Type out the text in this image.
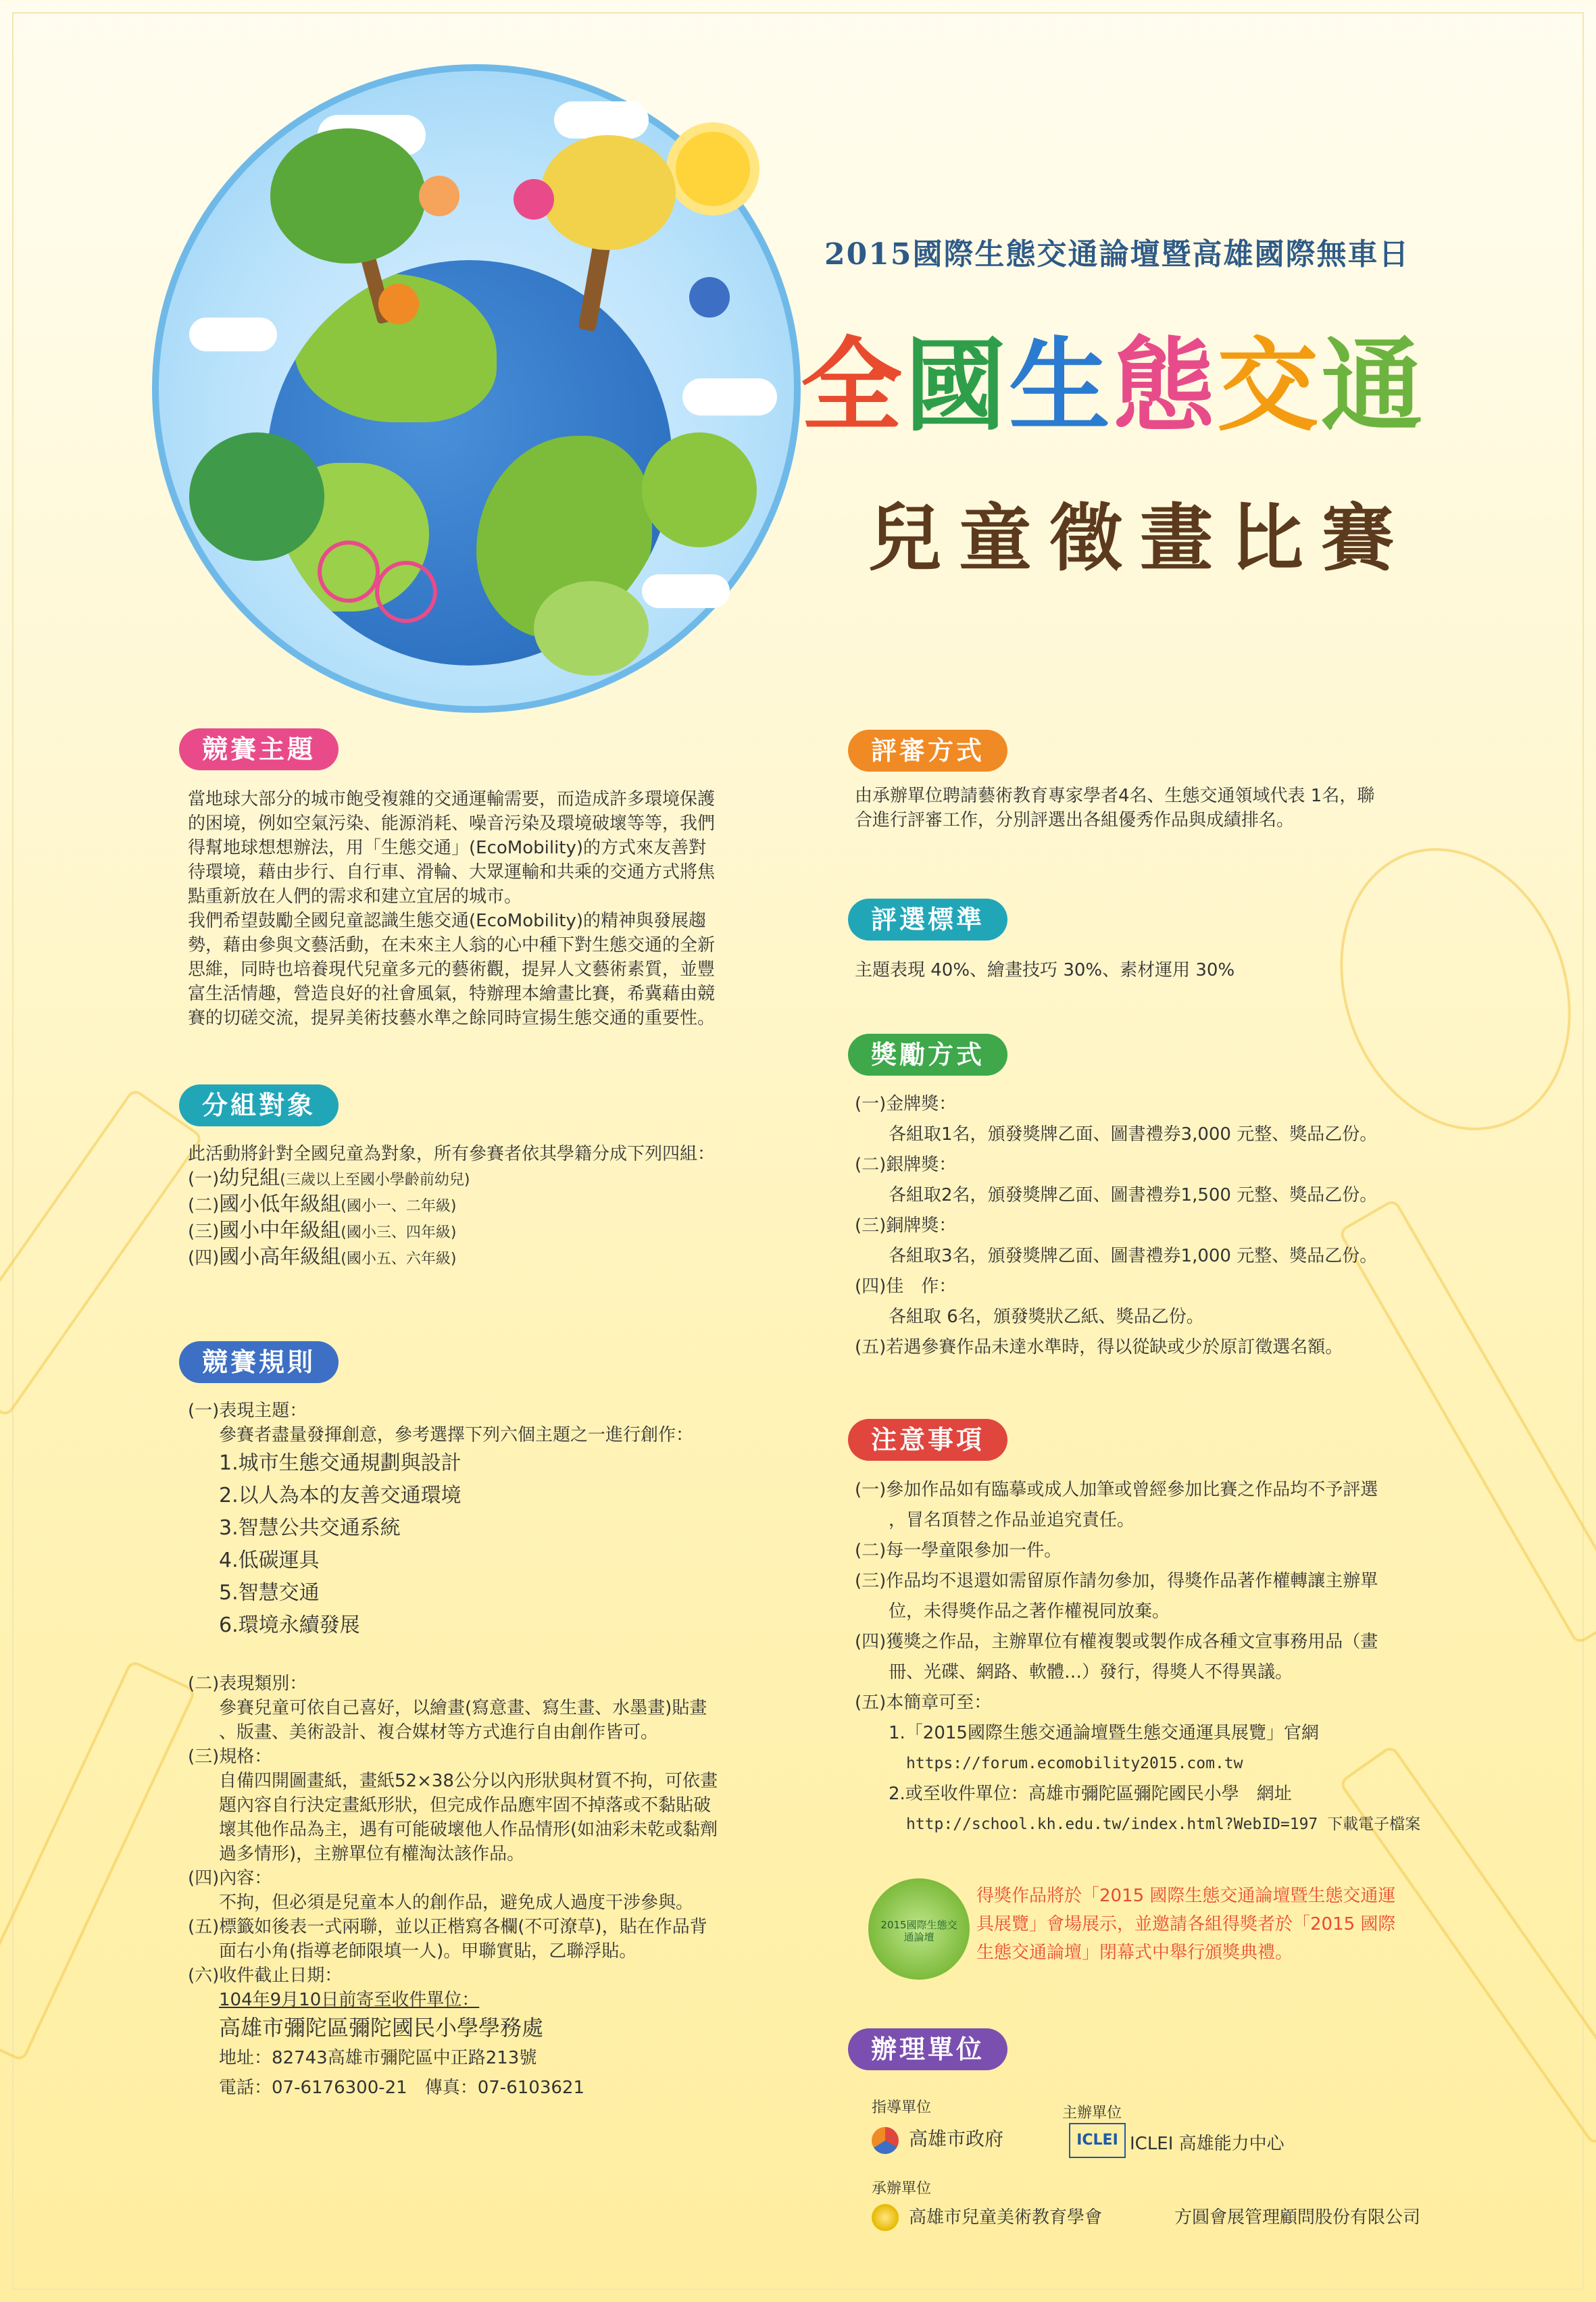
2015國際生態交通論壇暨高雄國際無車日
全國生態交通
兒童徵畫比賽
競賽主題
當地球大部分的城市飽受複雜的交通運輸需要，而造成許多環境保護
的困境，例如空氣污染、能源消耗、噪音污染及環境破壞等等，我們
得幫地球想想辦法，用「生態交通」(EcoMobility)的方式來友善對
待環境，藉由步行、自行車、滑輪、大眾運輸和共乘的交通方式將焦
點重新放在人們的需求和建立宜居的城市。
我們希望鼓勵全國兒童認識生態交通(EcoMobility)的精神與發展趨
勢，藉由參與文藝活動，在未來主人翁的心中種下對生態交通的全新
思維，同時也培養現代兒童多元的藝術觀，提昇人文藝術素質，並豐
富生活情趣，營造良好的社會風氣，特辦理本繪畫比賽，希冀藉由競
賽的切磋交流，提昇美術技藝水準之餘同時宣揚生態交通的重要性。
分組對象
此活動將針對全國兒童為對象，所有參賽者依其學籍分成下列四組：
(一)幼兒組(三歲以上至國小學齡前幼兒)
(二)國小低年級組(國小一、二年級)
(三)國小中年級組(國小三、四年級)
(四)國小高年級組(國小五、六年級)
競賽規則
(一)表現主題：
參賽者盡量發揮創意，參考選擇下列六個主題之一進行創作：
1.城市生態交通規劃與設計
2.以人為本的友善交通環境
3.智慧公共交通系統
4.低碳運具
5.智慧交通
6.環境永續發展
(二)表現類別：
參賽兒童可依自己喜好，以繪畫(寫意畫、寫生畫、水墨畫)貼畫
、版畫、美術設計、複合媒材等方式進行自由創作皆可。
(三)規格：
自備四開圖畫紙，畫紙52×38公分以內形狀與材質不拘，可依畫
題內容自行決定畫紙形狀，但完成作品應牢固不掉落或不黏貼破
壞其他作品為主，遇有可能破壞他人作品情形(如油彩未乾或黏劑
過多情形)，主辦單位有權淘汰該作品。
(四)內容：
不拘，但必須是兒童本人的創作品，避免成人過度干涉參與。
(五)標籤如後表一式兩聯，並以正楷寫各欄(不可潦草)，貼在作品背
面右小角(指導老師限填一人)。甲聯實貼，乙聯浮貼。
(六)收件截止日期：
104年9月10日前寄至收件單位：
高雄市彌陀區彌陀國民小學學務處
地址：82743高雄市彌陀區中正路213號
電話：07-6176300-21　傳真：07-6103621
評審方式
由承辦單位聘請藝術教育專家學者4名、生態交通領域代表 1名，聯
合進行評審工作，分別評選出各組優秀作品與成績排名。
評選標準
主題表現 40%、繪畫技巧 30%、素材運用 30%
獎勵方式
(一)金牌獎：
各組取1名，頒發獎牌乙面、圖書禮券3,000 元整、獎品乙份。
(二)銀牌獎：
各組取2名，頒發獎牌乙面、圖書禮券1,500 元整、獎品乙份。
(三)銅牌獎：
各組取3名，頒發獎牌乙面、圖書禮券1,000 元整、獎品乙份。
(四)佳　作：
各組取 6名，頒發獎狀乙紙、獎品乙份。
(五)若遇參賽作品未達水準時，得以從缺或少於原訂徵選名額。
注意事項
(一)參加作品如有臨摹或成人加筆或曾經參加比賽之作品均不予評選
，冒名頂替之作品並追究責任。
(二)每一學童限參加一件。
(三)作品均不退還如需留原作請勿參加，得獎作品著作權轉讓主辦單
位，未得獎作品之著作權視同放棄。
(四)獲獎之作品，主辦單位有權複製或製作成各種文宣事務用品（畫
冊、光碟、網路、軟體…）發行，得獎人不得異議。
(五)本簡章可至：
1.「2015國際生態交通論壇暨生態交通運具展覽」官網
https://forum.ecomobility2015.com.tw
2.或至收件單位：高雄市彌陀區彌陀國民小學　網址
http://school.kh.edu.tw/index.html?WebID=197 下載電子檔案
2015國際生態交通論壇
得獎作品將於「2015 國際生態交通論壇暨生態交通運
具展覽」會場展示，並邀請各組得獎者於「2015 國際
生態交通論壇」閉幕式中舉行頒獎典禮。
辦理單位
指導單位
高雄市政府
主辦單位
ICLEI ICLEI 高雄能力中心
承辦單位
高雄市兒童美術教育學會	方圓會展管理顧問股份有限公司
